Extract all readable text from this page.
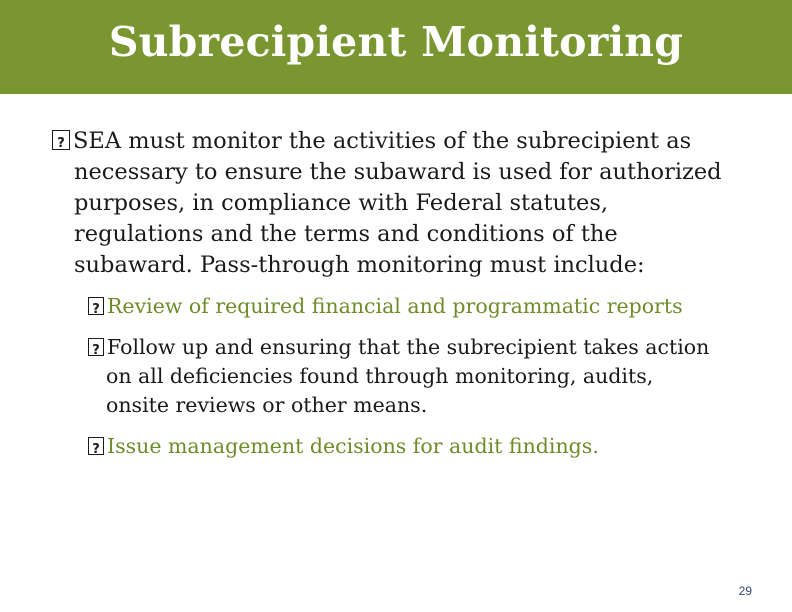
Subrecipient Monitoring
?SEA must monitor the activities of the subrecipient as
necessary to ensure the subaward is used for authorized
purposes, in compliance with Federal statutes,
regulations and the terms and conditions of the
subaward. Pass-through monitoring must include:
?Review of required financial and programmatic reports
?Follow up and ensuring that the subrecipient takes action
on all deficiencies found through monitoring, audits,
onsite reviews or other means.
?Issue management decisions for audit findings.
29
